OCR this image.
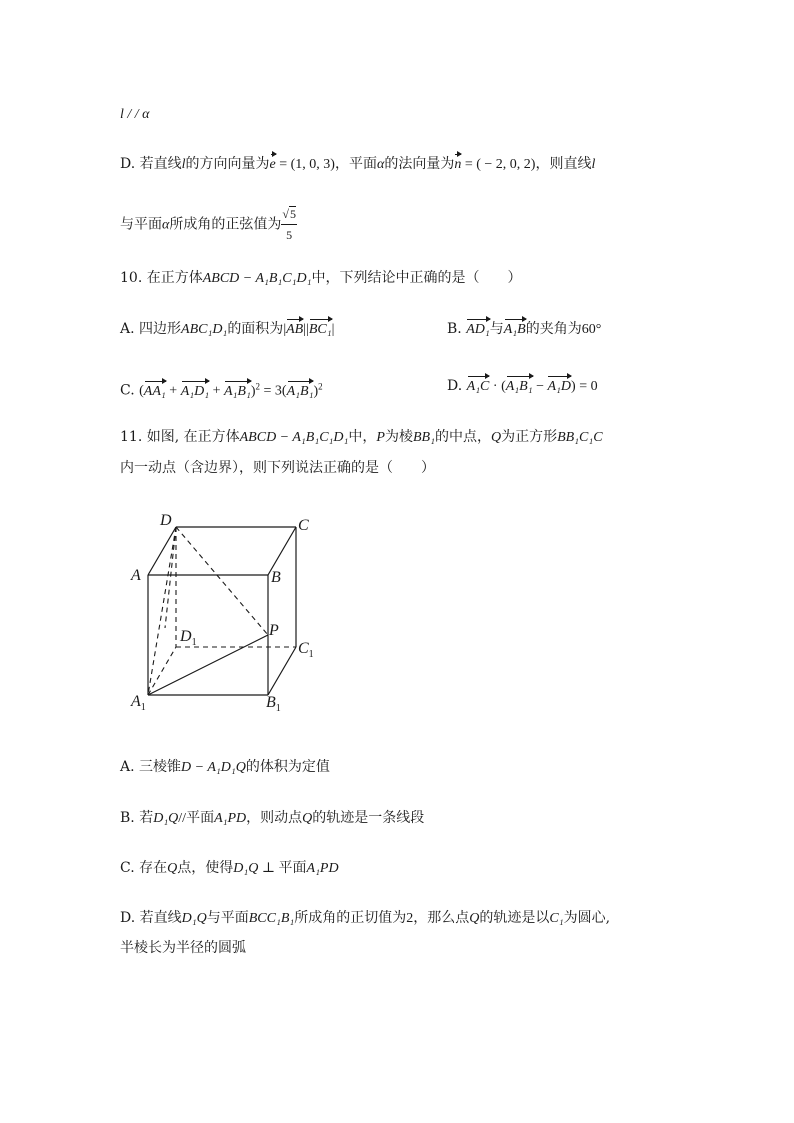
l / / α
D. 若直线l的方向向量为e = (1, 0, 3)，平面α的法向量为n = ( − 2, 0, 2)，则直线l
与平面α所成角的正弦值为 $\frac{√5}{5}$
10. 在正方体ABCD − A₁B₁C₁D₁中，下列结论中正确的是（　　）
A. 四边形ABC₁D₁的面积为|AB||BC₁|	B. AD₁与A₁B的夹角为60°
C. $(AA_1 + A_1D_1 + A_1B_1)^2 = 3(A_1B_1)^2$	D. A₁C · (A₁B₁ − A₁D) = 0
11. 如图, 在正方体ABCD − A₁B₁C₁D₁中，P为棱BB₁的中点，Q为正方形BB₁C₁C
内一动点（含边界），则下列说法正确的是（　　）
D	C
A	B
$D_1$
P
$C_1$
$A_1$	$B_1$
A. 三棱锥D − A₁D₁Q的体积为定值
B. 若D₁Q//平面A₁PD，则动点Q的轨迹是一条线段
C. 存在Q点，使得D₁Q ⊥ 平面A₁PD
D. 若直线D₁Q与平面BCC₁B₁所成角的正切值为2，那么点Q的轨迹是以C₁为圆心,
半棱长为半径的圆弧
